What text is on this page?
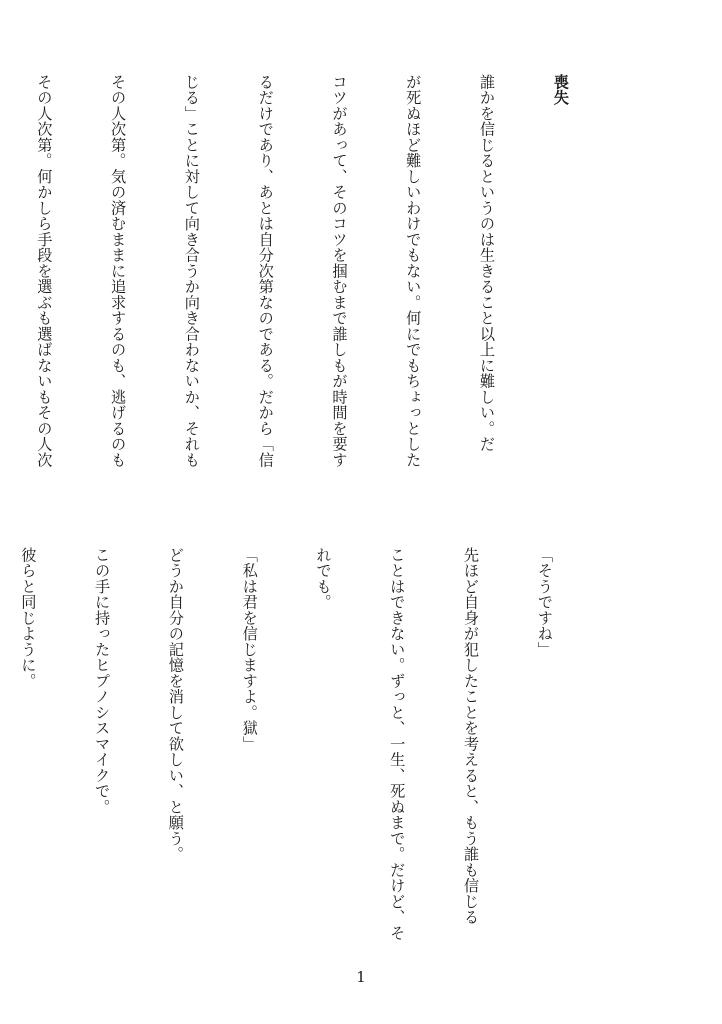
喪失

誰かを信じるというのは生きること以上に難しい。だ

が死ぬほど難しいわけでもない。何にでもちょっとした

コツがあって、そのコツを掴むまで誰しもが時間を要す

るだけであり、あとは自分次第なのである。だから「信

じる」ことに対して向き合うか向き合わないか、それも

その人次第。気の済むままに追求するのも、逃げるのも

その人次第。何かしら手段を選ぶも選ばないもその人次

「そうですね」

先ほど自身が犯したことを考えると、もう誰も信じる

ことはできない。ずっと、一生、死ぬまで。だけど、そ

れでも。

「私は君を信じますよ。獄」

どうか自分の記憶を消して欲しい、と願う。

この手に持ったヒプノシスマイクで。

彼らと同じように。

1
